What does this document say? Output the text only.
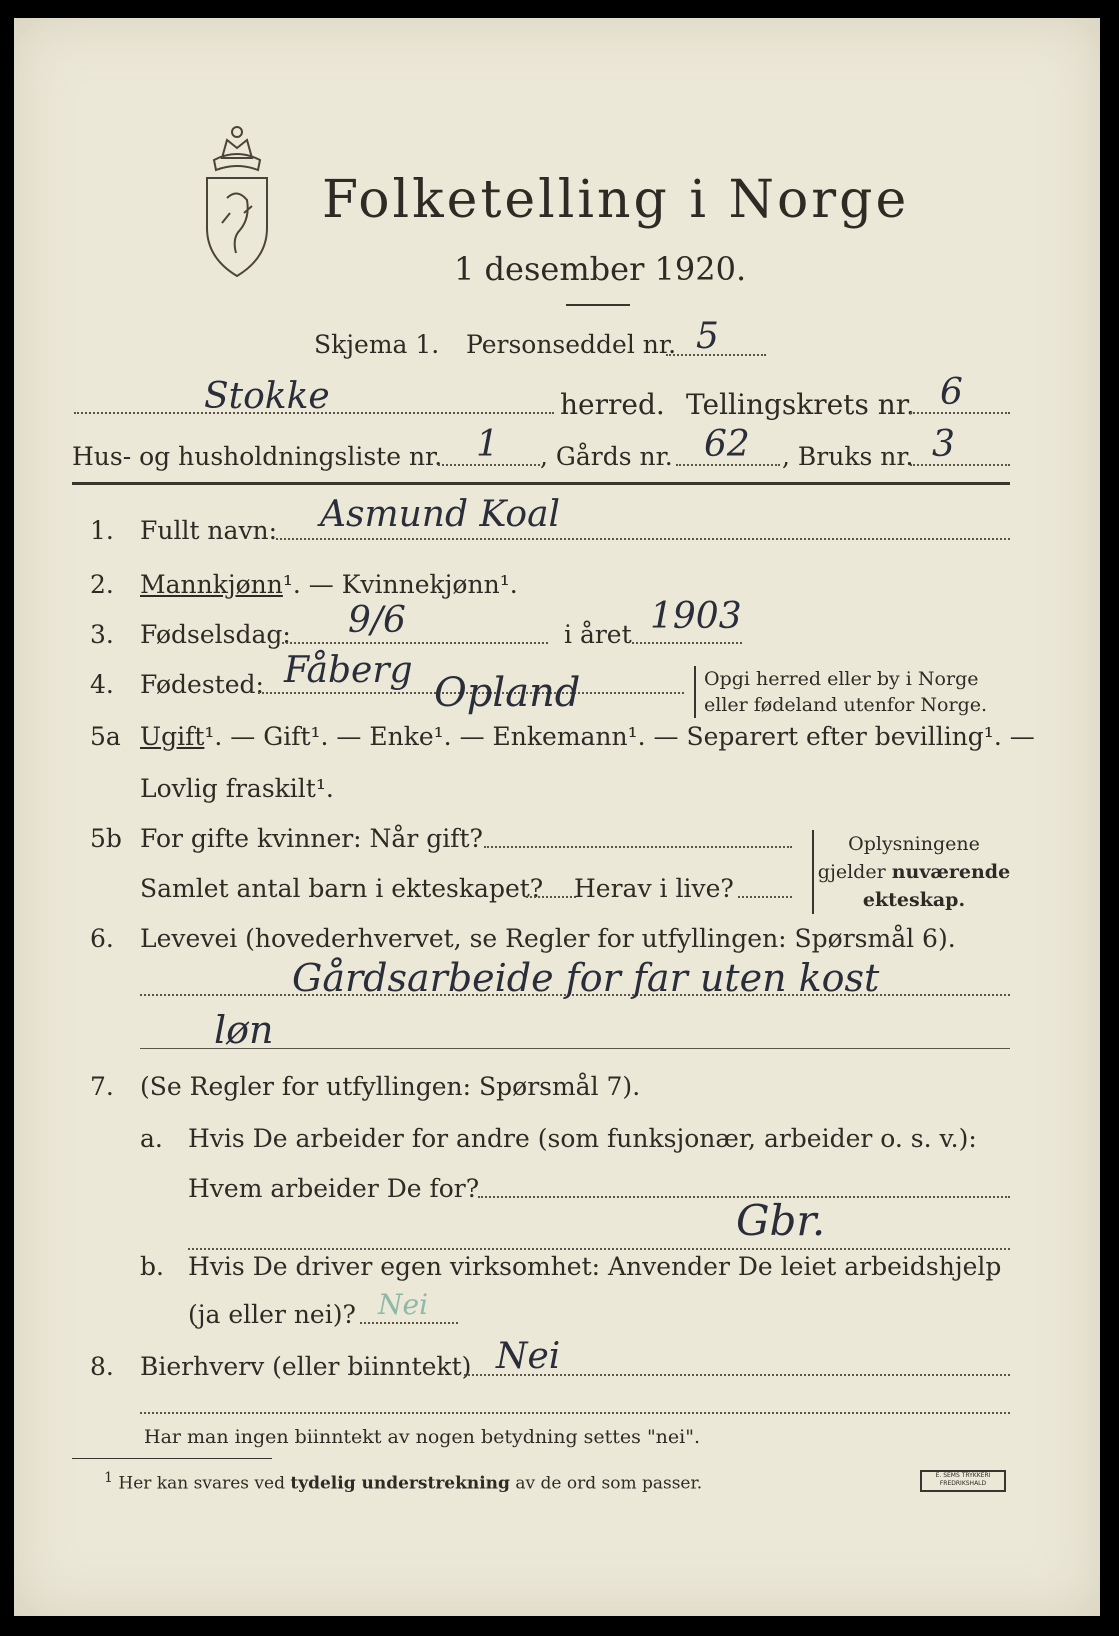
Folketelling i Norge
1 desember 1920.
Skjema 1. Personseddel nr. 5
Stokke	herred. Tellingskrets nr. 6
Hus- og husholdningsliste nr. 1 , Gårds nr. 62 , Bruks nr. 3
1. Fullt navn: Asmund Koal
2. Mannkjønn¹. — Kvinnekjønn¹.
3. Fødselsdag: 9/6	i året 1903
4. Fødested: Fåberg Opland	Opgi herred eller by i Norge
eller fødeland utenfor Norge.
5a Ugift¹. — Gift¹. — Enke¹. — Enkemann¹. — Separert efter bevilling¹. —
Lovlig fraskilt¹.
5b For gifte kvinner: Når gift?
Samlet antal barn i ekteskapet? Herav i live?
Oplysningene
gjelder nuværende
ekteskap.
6. Levevei (hovederhvervet, se Regler for utfyllingen: Spørsmål 6).
Gårdsarbeide for far uten kost
løn
7. (Se Regler for utfyllingen: Spørsmål 7).
a. Hvis De arbeider for andre (som funksjonær, arbeider o. s. v.):
Hvem arbeider De for?
Gbr.
b. Hvis De driver egen virksomhet: Anvender De leiet arbeidshjelp
(ja eller nei)? Nei
8. Bierhverv (eller biinntekt) Nei
Har man ingen biinntekt av nogen betydning settes "nei".
$^1$ Her kan svares ved tydelig understrekning av de ord som passer.	E. SEMS TRYKKERI FREDRIKSHALD
